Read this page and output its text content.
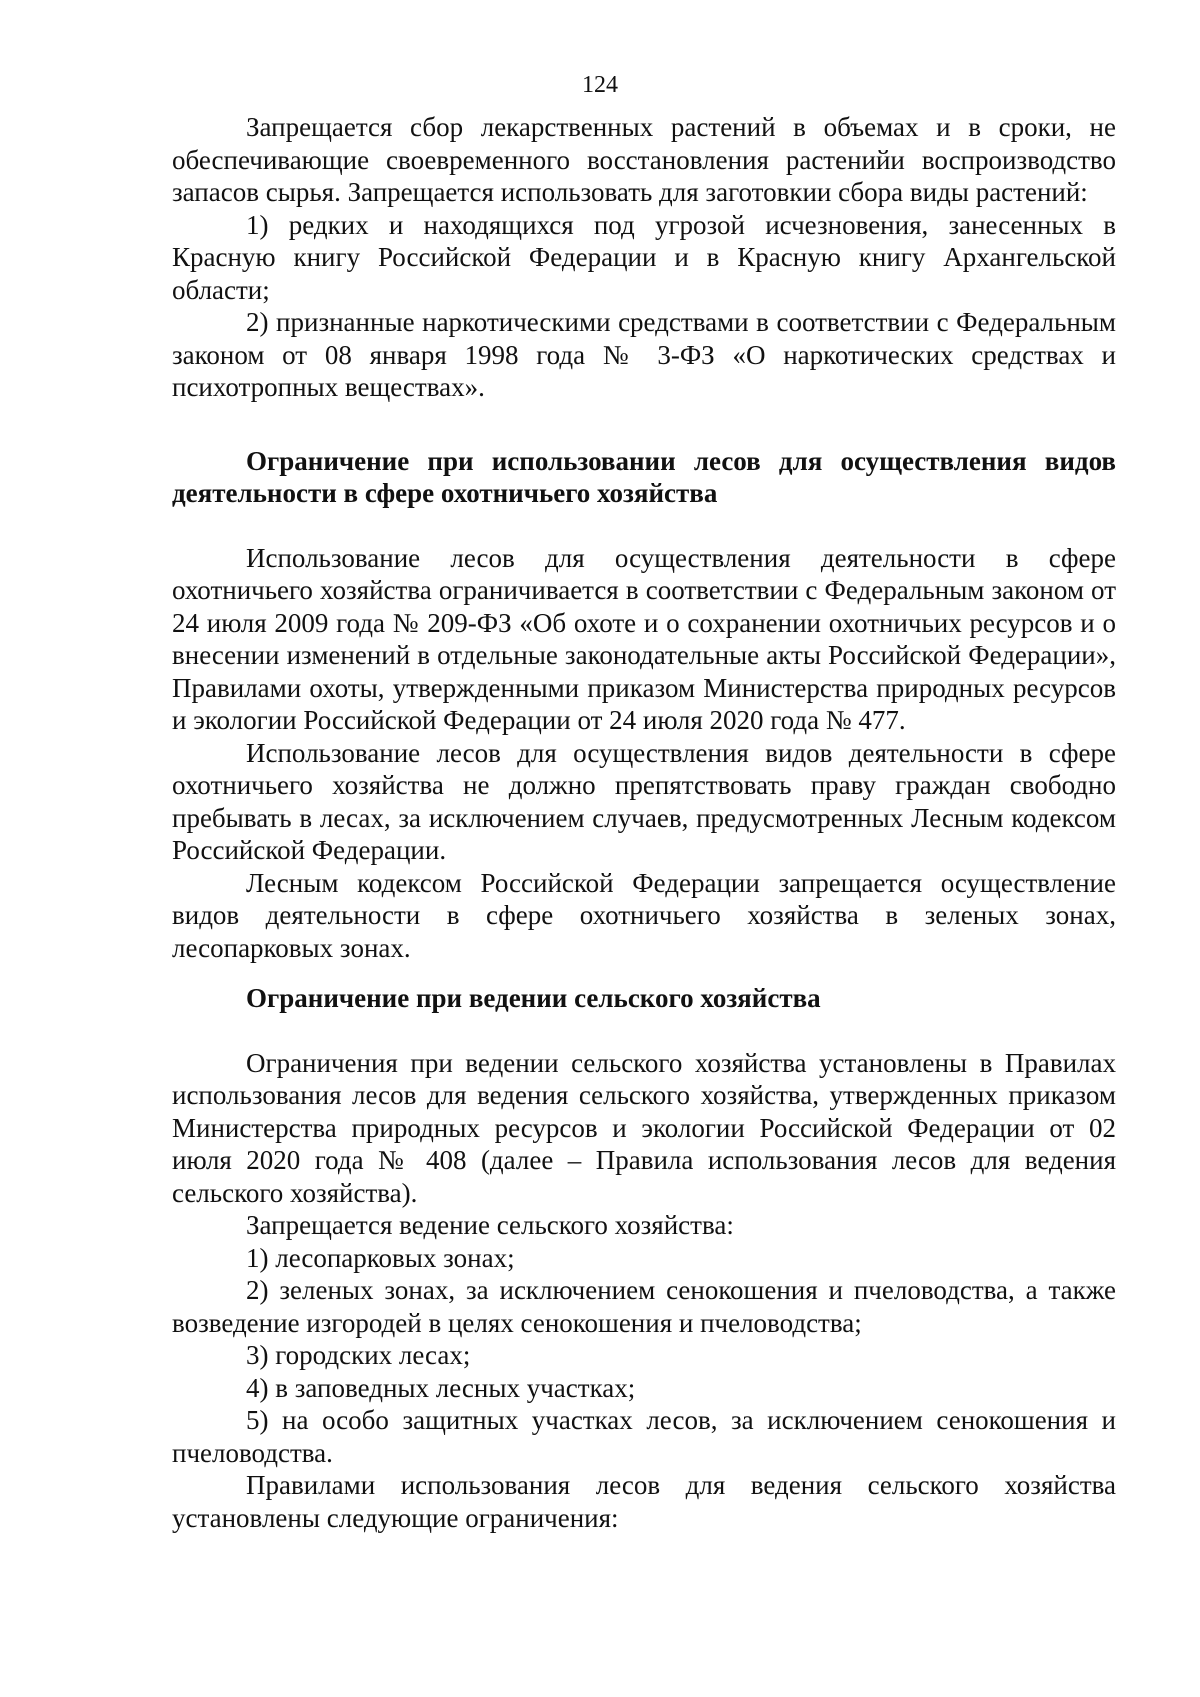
124

Запрещается сбор лекарственных растений в объемах и в сроки, не обеспечивающие своевременного восстановления растенийи воспроизводство запасов сырья. Запрещается использовать для заготовкии сбора виды растений:

1) редких и находящихся под угрозой исчезновения, занесенных в Красную книгу Российской Федерации и в Красную книгу Архангельской области;

2) признанные наркотическими средствами в соответствии с Федеральным законом от 08 января 1998 года № 3-ФЗ «О наркотических средствах и психотропных веществах».

Ограничение при использовании лесов для осуществления видов деятельности в сфере охотничьего хозяйства

Использование лесов для осуществления деятельности в сфере охотничьего хозяйства ограничивается в соответствии с Федеральным законом от 24 июля 2009 года № 209-ФЗ «Об охоте и о сохранении охотничьих ресурсов и о внесении изменений в отдельные законодательные акты Российской Федерации», Правилами охоты, утвержденными приказом Министерства природных ресурсов и экологии Российской Федерации от 24 июля 2020 года № 477.

Использование лесов для осуществления видов деятельности в сфере охотничьего хозяйства не должно препятствовать праву граждан свободно пребывать в лесах, за исключением случаев, предусмотренных Лесным кодексом Российской Федерации.

Лесным кодексом Российской Федерации запрещается осуществление видов деятельности в сфере охотничьего хозяйства в зеленых зонах, лесопарковых зонах.

Ограничение при ведении сельского хозяйства

Ограничения при ведении сельского хозяйства установлены в Правилах использования лесов для ведения сельского хозяйства, утвержденных приказом Министерства природных ресурсов и экологии Российской Федерации от 02 июля 2020 года № 408 (далее – Правила использования лесов для ведения сельского хозяйства).

Запрещается ведение сельского хозяйства:

1) лесопарковых зонах;

2) зеленых зонах, за исключением сенокошения и пчеловодства, а также возведение изгородей в целях сенокошения и пчеловодства;

3) городских лесах;

4) в заповедных лесных участках;

5) на особо защитных участках лесов, за исключением сенокошения и пчеловодства.

Правилами использования лесов для ведения сельского хозяйства установлены следующие ограничения:
